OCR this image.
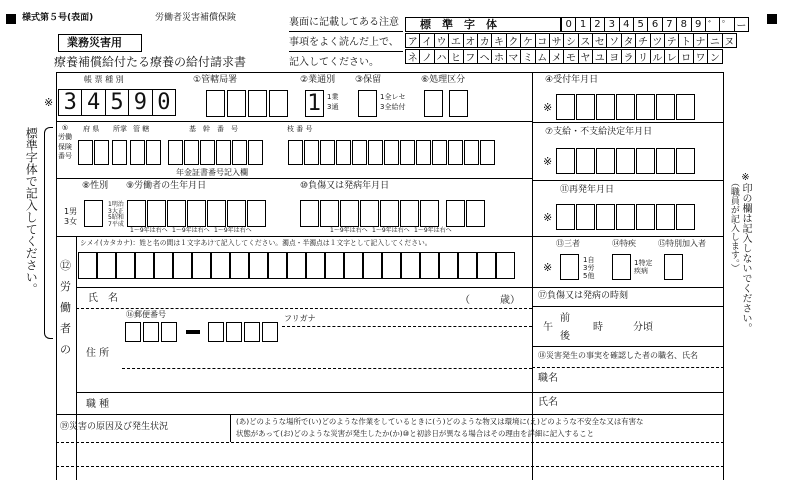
様式第５号(表面)	労働者災害補償保険
業務災害用
療養補償給付たる療養の給付請求書
裏面に記載してある注意
事項をよく読んだ上で、
記入してください。
標　準　字　体	0 1 2 3 4 5 6 7 8 9 ゛ ゜ ー
ア イ ウ エ オ カ キ ク ケ コ サ シ ス セ ソ タ チ ツ テ ト ナ ニ ヌ
ネ ノ ハ ヒ フ ヘ ホ マ ミ ム メ モ ヤ ユ ヨ ラ リ ル レ ロ ワ ン
標準字体で記入してください。	※印の欄は記入しないでください。
（職員が記入します。）
帳 票 種 別
※ 3 4 5 9 0
①管轄局署	②業通別
1 1業
3通
③保留
1全レセ
3全給付
⑥処理区分	④受付年月日
※
⑦支給・不支給決定年月日
※
⑪再発年月日
※
⑬三者	⑭特疾	⑮特別加入者
※
1自
3労
5他
1特定
疾病
⑤
労働
保険
番号
府 県 所掌 管 轄	基　幹　番　号	枝 番 号
年金証書番号記入欄
⑧性別
1男
3女
⑨労働者の生年月日
1明治
3大正
5昭和
7平成
⑩負傷又は発病年月日
1〜9年は右へ 1〜9年は右へ 1〜9年は右へ	1〜9年は右へ 1〜9年は右へ 1〜9年は右へ
⑫
労
働
者
の
シメイ(カタカナ)：姓と名の間は１文字あけて記入してください。濁点・半濁点は１文字として記入してください。
氏　名	（　　　歳） ⑰負傷又は発病の時刻
前
午
後
時	分頃
⑱災害発生の事実を確認した者の職名、氏名
職名
氏名
⑯郵便番号	フリガナ
住 所
職 種
⑲災害の原因及び発生状況
(あ)どのような場所で(い)どのような作業をしているときに(う)どのような物又は環境に(え)どのような不安全な又は有害な
状態があって(お)どのような災害が発生したか(か)⑩と初診日が異なる場合はその理由を詳細に記入すること
